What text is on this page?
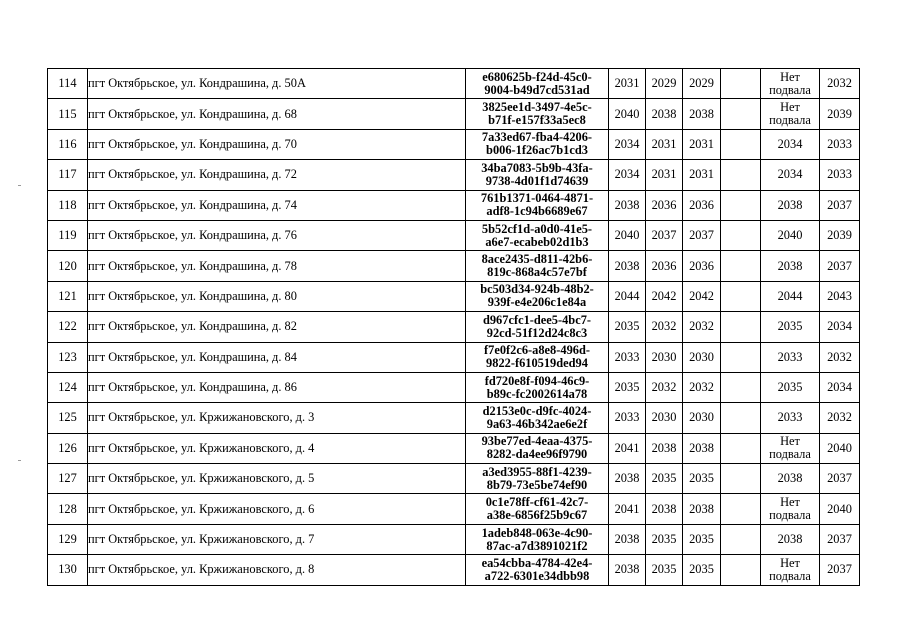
114	пгт Октябрьское, ул. Кондрашина, д. 50А	e680625b-f24d-45c0-
9004-b49d7cd531ad	2031	2029	2029		Нет
подвала	2032
115	пгт Октябрьское, ул. Кондрашина, д. 68	3825ee1d-3497-4e5c-
b71f-e157f33a5ec8	2040	2038	2038		Нет
подвала	2039
116	пгт Октябрьское, ул. Кондрашина, д. 70	7a33ed67-fba4-4206-
b006-1f26ac7b1cd3	2034	2031	2031		2034	2033
117	пгт Октябрьское, ул. Кондрашина, д. 72	34ba7083-5b9b-43fa-
9738-4d01f1d74639	2034	2031	2031		2034	2033
118	пгт Октябрьское, ул. Кондрашина, д. 74	761b1371-0464-4871-
adf8-1c94b6689e67	2038	2036	2036		2038	2037
119	пгт Октябрьское, ул. Кондрашина, д. 76	5b52cf1d-a0d0-41e5-
a6e7-ecabeb02d1b3	2040	2037	2037		2040	2039
120	пгт Октябрьское, ул. Кондрашина, д. 78	8ace2435-d811-42b6-
819c-868a4c57e7bf	2038	2036	2036		2038	2037
121	пгт Октябрьское, ул. Кондрашина, д. 80	bc503d34-924b-48b2-
939f-e4e206c1e84a	2044	2042	2042		2044	2043
122	пгт Октябрьское, ул. Кондрашина, д. 82	d967cfc1-dee5-4bc7-
92cd-51f12d24c8c3	2035	2032	2032		2035	2034
123	пгт Октябрьское, ул. Кондрашина, д. 84	f7e0f2c6-a8e8-496d-
9822-f610519ded94	2033	2030	2030		2033	2032
124	пгт Октябрьское, ул. Кондрашина, д. 86	fd720e8f-f094-46c9-
b89c-fc2002614a78	2035	2032	2032		2035	2034
125	пгт Октябрьское, ул. Кржижановского, д. 3	d2153e0c-d9fc-4024-
9a63-46b342ae6e2f	2033	2030	2030		2033	2032
126	пгт Октябрьское, ул. Кржижановского, д. 4	93be77ed-4eaa-4375-
8282-da4ee96f9790	2041	2038	2038		Нет
подвала	2040
127	пгт Октябрьское, ул. Кржижановского, д. 5	a3ed3955-88f1-4239-
8b79-73e5be74ef90	2038	2035	2035		2038	2037
128	пгт Октябрьское, ул. Кржижановского, д. 6	0c1e78ff-cf61-42c7-
a38e-6856f25b9c67	2041	2038	2038		Нет
подвала	2040
129	пгт Октябрьское, ул. Кржижановского, д. 7	1adeb848-063e-4c90-
87ac-a7d3891021f2	2038	2035	2035		2038	2037
130	пгт Октябрьское, ул. Кржижановского, д. 8	ea54cbba-4784-42e4-
a722-6301e34dbb98	2038	2035	2035		Нет
подвала	2037
